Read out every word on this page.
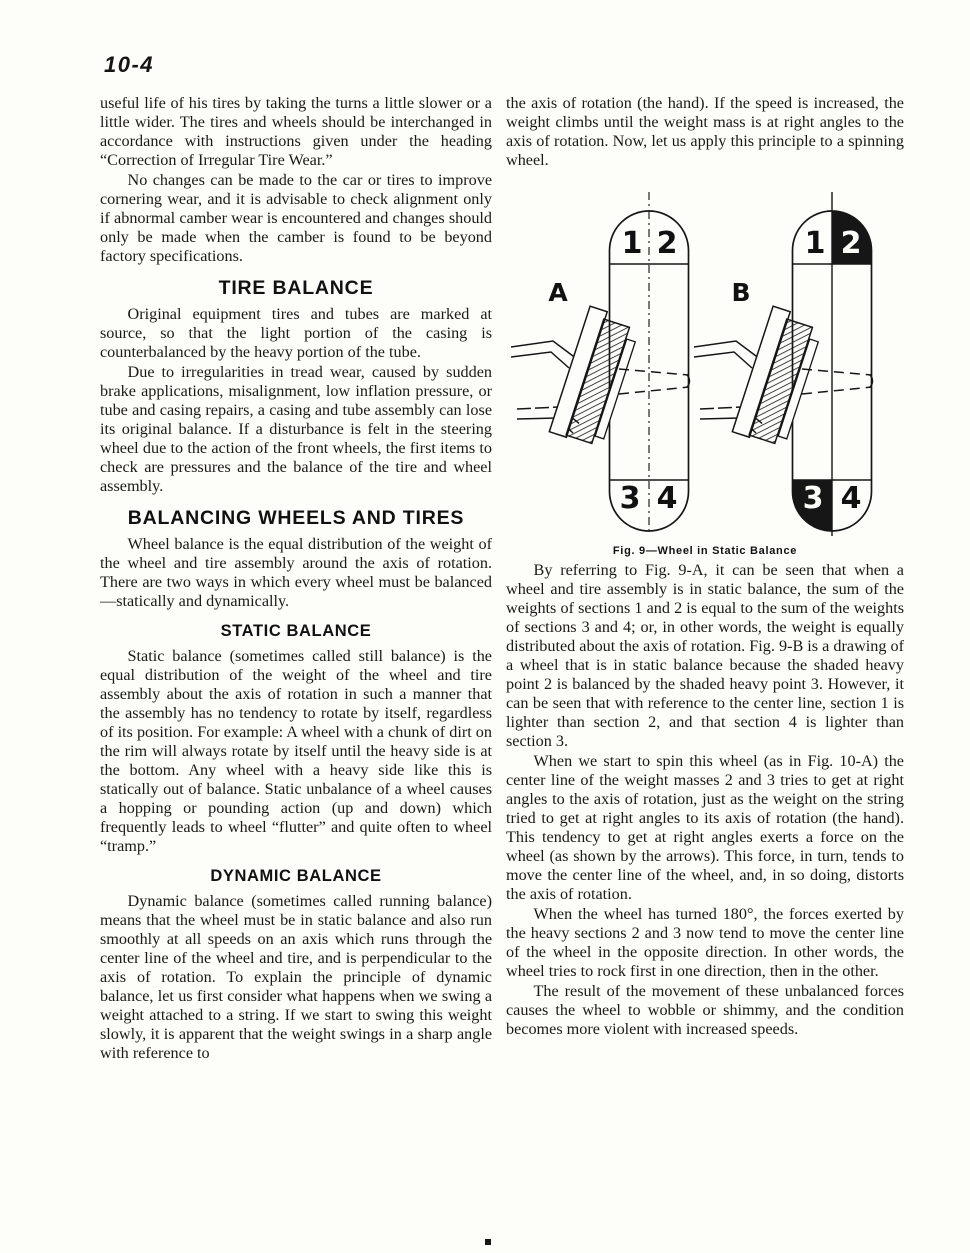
10-4

useful life of his tires by taking the turns a little slower or a little wider. The tires and wheels should be interchanged in accordance with instructions given under the heading “Correction of Irregular Tire Wear.”

No changes can be made to the car or tires to improve cornering wear, and it is advisable to check alignment only if abnormal camber wear is encountered and changes should only be made when the camber is found to be beyond factory specifications.

TIRE BALANCE

Original equipment tires and tubes are marked at source, so that the light portion of the casing is counterbalanced by the heavy portion of the tube.

Due to irregularities in tread wear, caused by sudden brake applications, misalignment, low inflation pressure, or tube and casing repairs, a casing and tube assembly can lose its original balance. If a disturbance is felt in the steering wheel due to the action of the front wheels, the first items to check are pressures and the balance of the tire and wheel assembly.

BALANCING WHEELS AND TIRES

Wheel balance is the equal distribution of the weight of the wheel and tire assembly around the axis of rotation. There are two ways in which every wheel must be balanced—statically and dynamically.

STATIC BALANCE

Static balance (sometimes called still balance) is the equal distribution of the weight of the wheel and tire assembly about the axis of rotation in such a manner that the assembly has no tendency to rotate by itself, regardless of its position. For example: A wheel with a chunk of dirt on the rim will always rotate by itself until the heavy side is at the bottom. Any wheel with a heavy side like this is statically out of balance. Static unbalance of a wheel causes a hopping or pounding action (up and down) which frequently leads to wheel “flutter” and quite often to wheel “tramp.”

DYNAMIC BALANCE

Dynamic balance (sometimes called running balance) means that the wheel must be in static balance and also run smoothly at all speeds on an axis which runs through the center line of the wheel and tire, and is perpendicular to the axis of rotation. To explain the principle of dynamic balance, let us first consider what happens when we swing a weight attached to a string. If we start to swing this weight slowly, it is apparent that the weight swings in a sharp angle with reference to

the axis of rotation (the hand). If the speed is increased, the weight climbs until the weight mass is at right angles to the axis of rotation. Now, let us apply this principle to a spinning wheel.

1 2
3 4
A
1 2
3 4
B
Fig. 9—Wheel in Static Balance

By referring to Fig. 9-A, it can be seen that when a wheel and tire assembly is in static balance, the sum of the weights of sections 1 and 2 is equal to the sum of the weights of sections 3 and 4; or, in other words, the weight is equally distributed about the axis of rotation. Fig. 9-B is a drawing of a wheel that is in static balance because the shaded heavy point 2 is balanced by the shaded heavy point 3. However, it can be seen that with reference to the center line, section 1 is lighter than section 2, and that section 4 is lighter than section 3.

When we start to spin this wheel (as in Fig. 10-A) the center line of the weight masses 2 and 3 tries to get at right angles to the axis of rotation, just as the weight on the string tried to get at right angles to its axis of rotation (the hand). This tendency to get at right angles exerts a force on the wheel (as shown by the arrows). This force, in turn, tends to move the center line of the wheel, and, in so doing, distorts the axis of rotation.

When the wheel has turned 180°, the forces exerted by the heavy sections 2 and 3 now tend to move the center line of the wheel in the opposite direction. In other words, the wheel tries to rock first in one direction, then in the other.

The result of the movement of these unbalanced forces causes the wheel to wobble or shimmy, and the condition becomes more violent with increased speeds.
